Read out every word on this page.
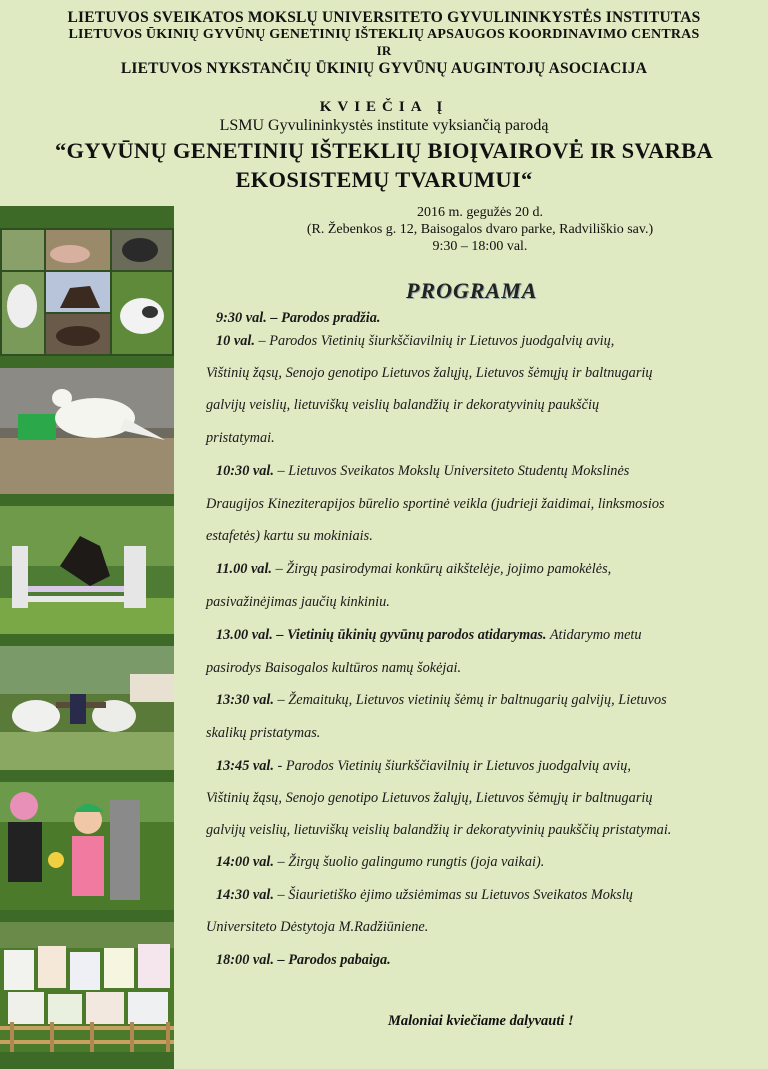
LIETUVOS SVEIKATOS MOKSLŲ UNIVERSITETO GYVULININKYSTĖS INSTITUTAS
LIETUVOS ŪKINIŲ GYVŪNŲ GENETINIŲ IŠTEKLIŲ APSAUGOS KOORDINAVIMO CENTRAS
IR
LIETUVOS NYKSTANČIŲ ŪKINIŲ GYVŪNŲ AUGINTOJŲ ASOCIACIJA
KVIEČIA Į
LSMU Gyvulininkystės institute vyksiančią parodą
“GYVŪNŲ GENETINIŲ IŠTEKLIŲ BIOĮVAIROVĖ IR SVARBA
EKOSISTEMŲ TVARUMUI“
2016 m. gegužės 20 d.
(R. Žebenkos g. 12, Baisogalos dvaro parke, Radviliškio sav.)
9:30 – 18:00 val.
PROGRAMA
9:30 val. – Parodos pradžia.
10 val. – Parodos Vietinių šiurkščiavilnių ir Lietuvos juodgalvių avių,
Vištinių žąsų, Senojo genotipo Lietuvos žalųjų, Lietuvos šėmųjų ir baltnugarių
galvijų veislių, lietuviškų veislių balandžių ir dekoratyvinių paukščių
pristatymai.
10:30 val. – Lietuvos Sveikatos Mokslų Universiteto Studentų Mokslinės
Draugijos Kineziterapijos būrelio sportinė veikla (judrieji žaidimai, linksmosios
estafetės) kartu su mokiniais.
11.00 val. – Žirgų pasirodymai konkūrų aikštelėje, jojimo pamokėlės,
pasivažinėjimas jaučių kinkiniu.
13.00 val. – Vietinių ūkinių gyvūnų parodos atidarymas. Atidarymo metu
pasirodys Baisogalos kultūros namų šokėjai.
13:30 val. – Žemaitukų, Lietuvos vietinių šėmų ir baltnugarių galvijų, Lietuvos
skalikų pristatymas.
13:45 val. - Parodos Vietinių šiurkščiavilnių ir Lietuvos juodgalvių avių,
Vištinių žąsų, Senojo genotipo Lietuvos žalųjų, Lietuvos šėmųjų ir baltnugarių
galvijų veislių, lietuviškų veislių balandžių ir dekoratyvinių paukščių pristatymai.
14:00 val. – Žirgų šuolio galingumo rungtis (joja vaikai).
14:30 val. – Šiaurietiško ėjimo užsiėmimas su Lietuvos Sveikatos Mokslų
Universiteto Dėstytoja M.Radžiūniene.
18:00 val. – Parodos pabaiga.
Maloniai kviečiame dalyvauti !
